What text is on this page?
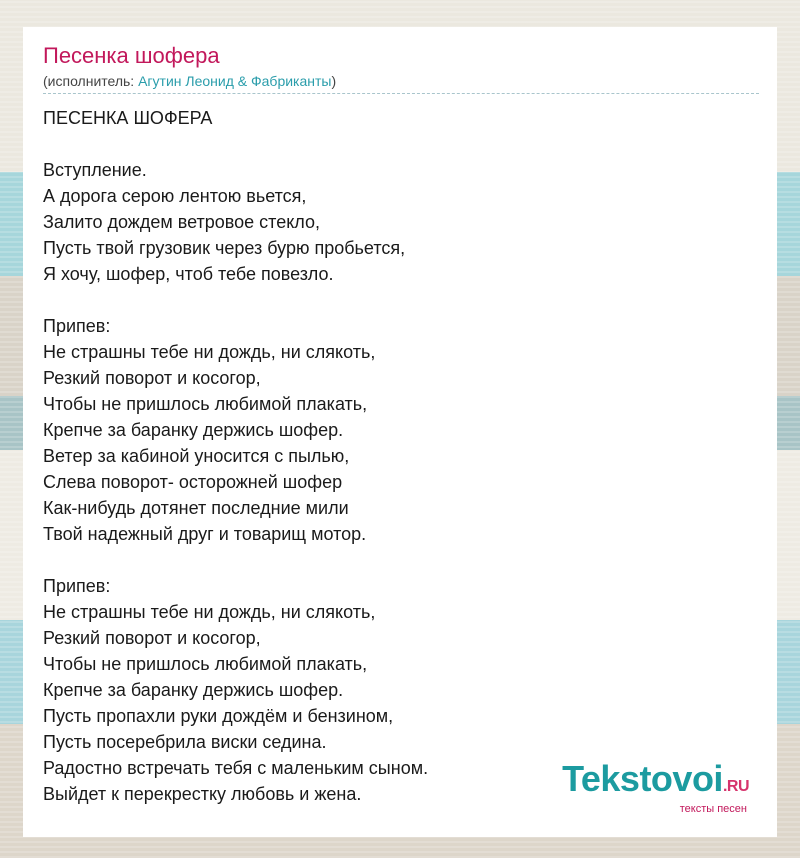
Песенка шофера
(исполнитель: Агутин Леонид & Фабриканты)
ПЕСЕНКА ШОФЕРА
Вступление.
А дорога серою лентою вьется,
Залито дождем ветровое стекло,
Пусть твой грузовик через бурю пробьется,
Я хочу, шофер, чтоб тебе повезло.
Припев:
Не страшны тебе ни дождь, ни слякоть,
Резкий поворот и косогор,
Чтобы не пришлось любимой плакать,
Крепче за баранку держись шофер.
Ветер за кабиной уносится с пылью,
Слева поворот- осторожней шофер
Как-нибудь дотянет последние мили
Твой надежный друг и товарищ мотор.
Припев:
Не страшны тебе ни дождь, ни слякоть,
Резкий поворот и косогор,
Чтобы не пришлось любимой плакать,
Крепче за баранку держись шофер.
Пусть пропахли руки дождём и бензином,
Пусть посеребрила виски седина.
Радостно встречать тебя с маленьким сыном.
Выйдет к перекрестку любовь и жена.	Tekstovoi.RU
тексты песен
